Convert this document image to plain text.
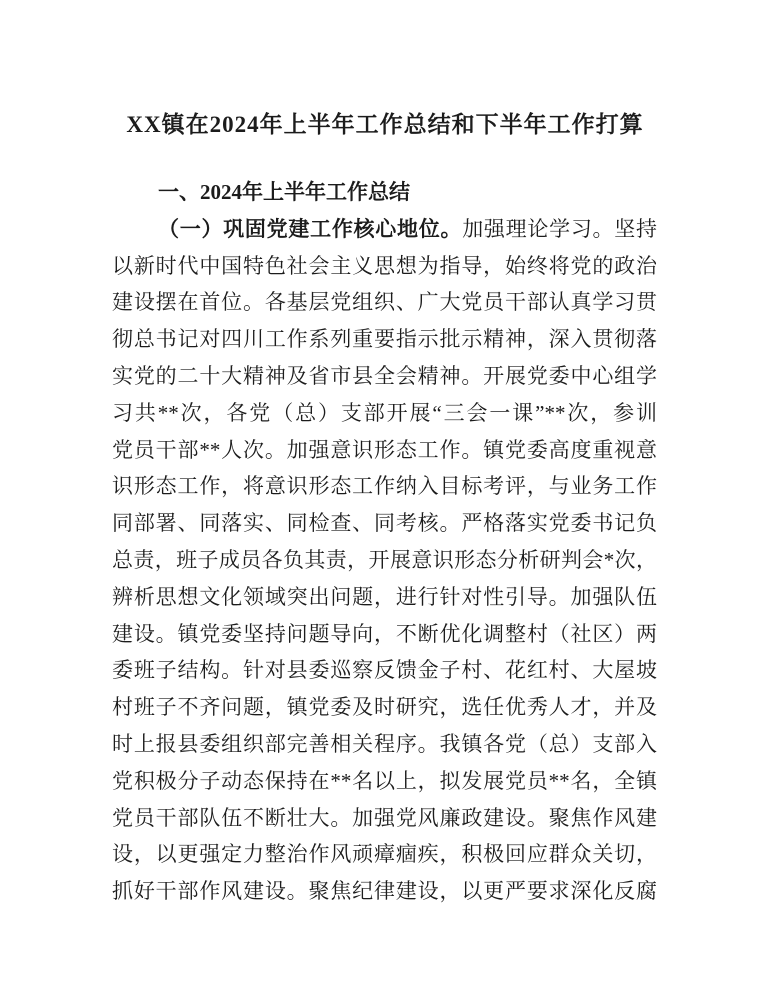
XX镇在2024年上半年工作总结和下半年工作打算
一、2024年上半年工作总结
（一）巩固党建工作核心地位。加强理论学习。坚持
以新时代中国特色社会主义思想为指导，始终将党的政治
建设摆在首位。各基层党组织、广大党员干部认真学习贯
彻总书记对四川工作系列重要指示批示精神，深入贯彻落
实党的二十大精神及省市县全会精神。开展党委中心组学
习共**次，各党（总）支部开展“三会一课”**次，参训
党员干部**人次。加强意识形态工作。镇党委高度重视意
识形态工作，将意识形态工作纳入目标考评，与业务工作
同部署、同落实、同检查、同考核。严格落实党委书记负
总责，班子成员各负其责，开展意识形态分析研判会*次，
辨析思想文化领域突出问题，进行针对性引导。加强队伍
建设。镇党委坚持问题导向，不断优化调整村（社区）两
委班子结构。针对县委巡察反馈金子村、花红村、大屋坡
村班子不齐问题，镇党委及时研究，选任优秀人才，并及
时上报县委组织部完善相关程序。我镇各党（总）支部入
党积极分子动态保持在**名以上，拟发展党员**名，全镇
党员干部队伍不断壮大。加强党风廉政建设。聚焦作风建
设，以更强定力整治作风顽瘴痼疾，积极回应群众关切，
抓好干部作风建设。聚焦纪律建设，以更严要求深化反腐
